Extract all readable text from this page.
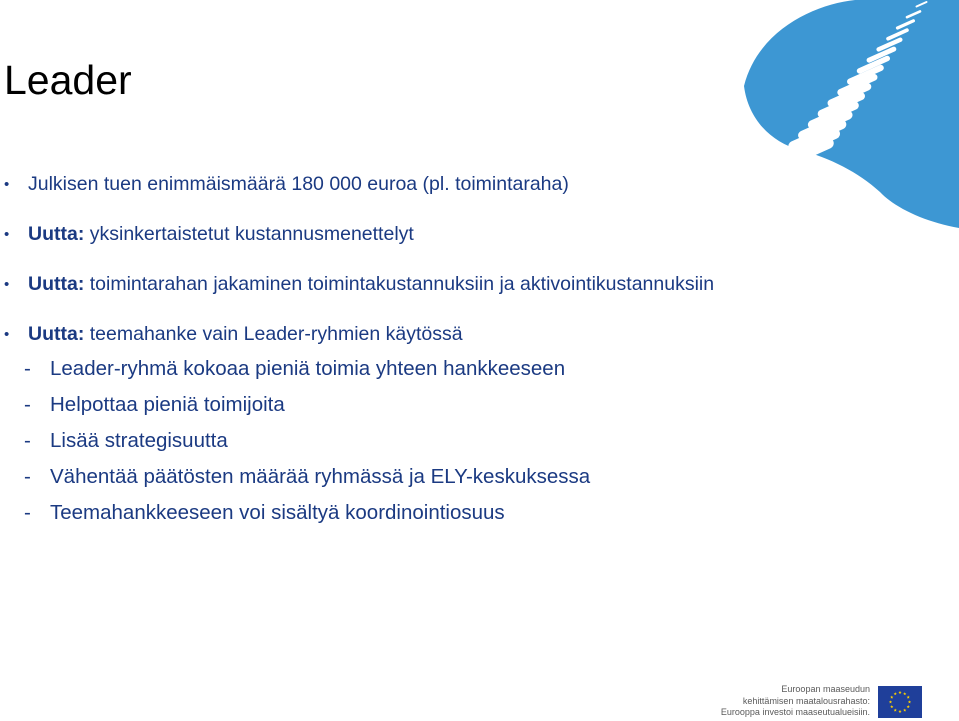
Leader
• Julkisen tuen enimmäismäärä 180 000 euroa (pl. toimintaraha)
• Uutta: yksinkertaistetut kustannusmenettelyt
• Uutta: toimintarahan jakaminen toimintakustannuksiin ja aktivointikustannuksiin
• Uutta: teemahanke vain Leader-ryhmien käytössä
- Leader-ryhmä kokoaa pieniä toimia yhteen hankkeeseen
- Helpottaa pieniä toimijoita
- Lisää strategisuutta
- Vähentää päätösten määrää ryhmässä ja ELY-keskuksessa
- Teemahankkeeseen voi sisältyä koordinointiosuus
Euroopan maaseudun
kehittämisen maatalousrahasto:
Eurooppa investoi maaseutualueisiin.
